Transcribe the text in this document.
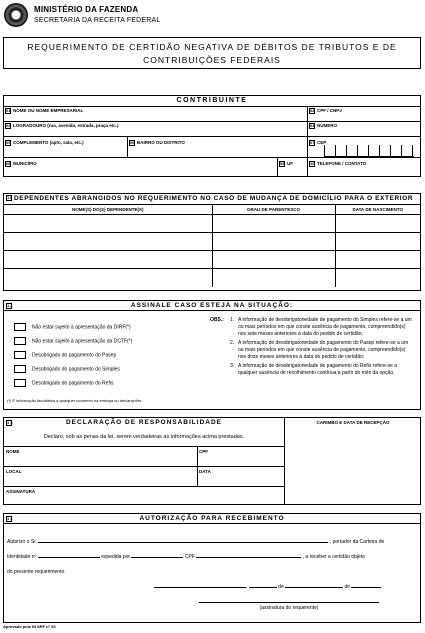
MINISTÉRIO DA FAZENDA
SECRETARIA DA RECEITA FEDERAL
REQUERIMENTO DE CERTIDÃO NEGATIVA DE DÉBITOS DE TRIBUTOS E DE
CONTRIBUIÇÕES FEDERAIS
CONTRIBUINTE
01 NOME OU NOME EMPRESARIAL	02 CPF / CNPJ
03 LOGRADOURO (rua, avenida, estrada, praça etc.)	04 NÚMERO
05 COMPLEMENTO (apto, sala, etc.)	06 BAIRRO OU DISTRITO	07 CEP
08 MUNICÍPIO	09 UF	10 TELEFONE / CONTATO
11 DEPENDENTES ABRANGIDOS NO REQUERIMENTO NO CASO DE MUDANÇA DE DOMICÍLIO PARA O EXTERIOR
NOME(S) DO(S) DEPENDENTE(S)	GRAU DE PARENTESCO	DATA DE NASCIMENTO

12	ASSINALE CASO ESTEJA NA SITUAÇÃO:
Não estar sujeito à apresentação da DIRF(*)
Não estar sujeito à apresentação da DCTF(*)
Desobrigado do pagamento do Pasep
Desobrigado do pagamento do Simples
Desobrigado do pagamento do Refis
(*) É informação facultativa a qualquer momento na entrega ou declarações.
OBS.: 1. A informação de desobrigatoriedade de pagamento do Simples refere-se a um ou mais períodos em que conste ausência de pagamento, compreendido(s) nos sete meses anteriores à data do pedido de certidão;
2. A informação de desobrigatoriedade do pagamento do Pasep refere-se a um ou mais períodos em que conste ausência de pagamento, compreendido(s) nos doze meses anteriores à data do pedido de certidão;
3. A informação de desobrigatoriedade de pagamento do Refis refere-se a qualquer ausência de recolhimento contínua a partir do mês da opção.
13	DECLARAÇÃO DE RESPONSABILIDADE	CARIMBO E DATA DE RECEPÇÃO
Declaro, sob as penas da lei, serem verdadeiras as informações acima prestadas.
NOME	CPF
LOCAL	DATA
ASSINATURA
14	AUTORIZAÇÃO PARA RECEBIMENTO
Autorizo o Sr.	, portador da Carteira de
Identidade nº	expedida por	CPF	, a receber a certidão objeto
do presente requerimento.
,	de	de
(assinatura do requerente)
Aprovado pela IN SRF nº 93
